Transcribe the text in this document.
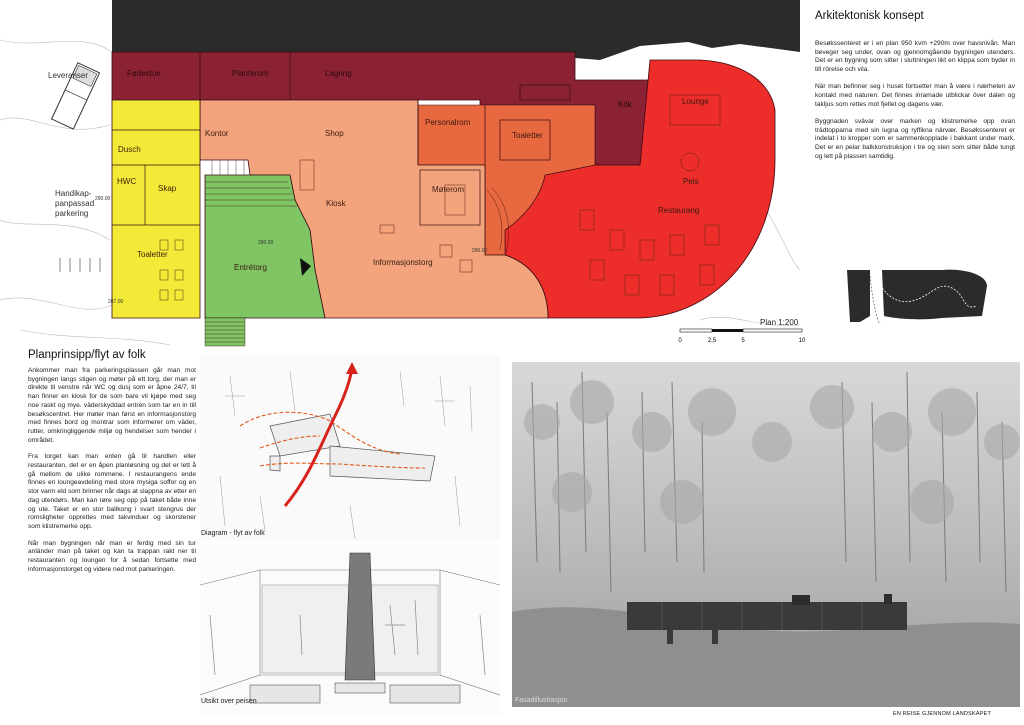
Leveranser	Fødestue	Planterom	Lagring
Kök	Lounge
Dusch
Kontor	Shop
Personalrom
Toaletter
HWC
Skap
Handikap-
panpassad
parkering
Møterom
Peis
Kiosk
Restaurang
Toaletter
Entrétorg
Informasjonstorg
290.00
290.00
290.00
287.00
Plan 1:200
0	2,5	5	10
Arkitektonisk konsept

Besøkssenteret er i en plan 950 kvm +290m over havsnivån. Man beveger seg under, ovan og gjennomgående bygningen utendørs. Det er en bygning som sitter i sluttningen likt en klippa som byder in till rörelse och vila.

När man befinner seg i huset fortsetter man å være i nærheten av kontakt med naturen. Det finnes inramade utblickar över dalen og takljus som rettes mot fjellet og dagens vær.

Byggnaden svävar over marken og klistremerke opp ovan trädtopparna med sin lugna og ryffikna närvær. Besøkssenteret er indelat i to kropper som er sammenkopplade i bakkant under mark. Det er en pelar balkkonstruksjon i tre og sten som sitter både tungt og lett på plassen samtidig.

Planprinsipp/flyt av folk

Ankommer man fra parkeringsplassen går man mot bygningen langs stigen og møter på ett torg, der man er direkte til venstre når WC og dusj som er åpne 24/7, til han finner en kiosk for de som bare vil kjøpe med seg noe raskt og mye. väderskyddad entrén som tar en in till besøkscentret. Her møter man først en informasjonstorg med finnes bord og montrar som informerer om väder, rutter, omkringliggende miljø og hendelser som hender i området.

Fra torget kan man enten gå til handlen eller restauranten, det er en åpen planløsning og det er lett å gå mellom de ulike rommene. I restaurangens ende finnes en loungeavdeling med store mysiga soffor og en stor varm eld som brinner når dags at slappna av etter en dag utendørs. Man kan røre seg opp på taket både inne og ute. Taket er en stor ballkong i svart stengrus der romsligheter opprettes med takvinduer og skorstener som klistremerke opp.

Når man bygningen når man er ferdig med sin tur anländer man på taket og kan ta trappan rakt ner til restauranten og loungen for å sedan fortsette med informasjonstorget og videre ned mot parkeringen.

Diagram - flyt av folk
Utsikt over peisen	Fasadillustrasjon
EN REISE GJENNOM LANDSKAPET
